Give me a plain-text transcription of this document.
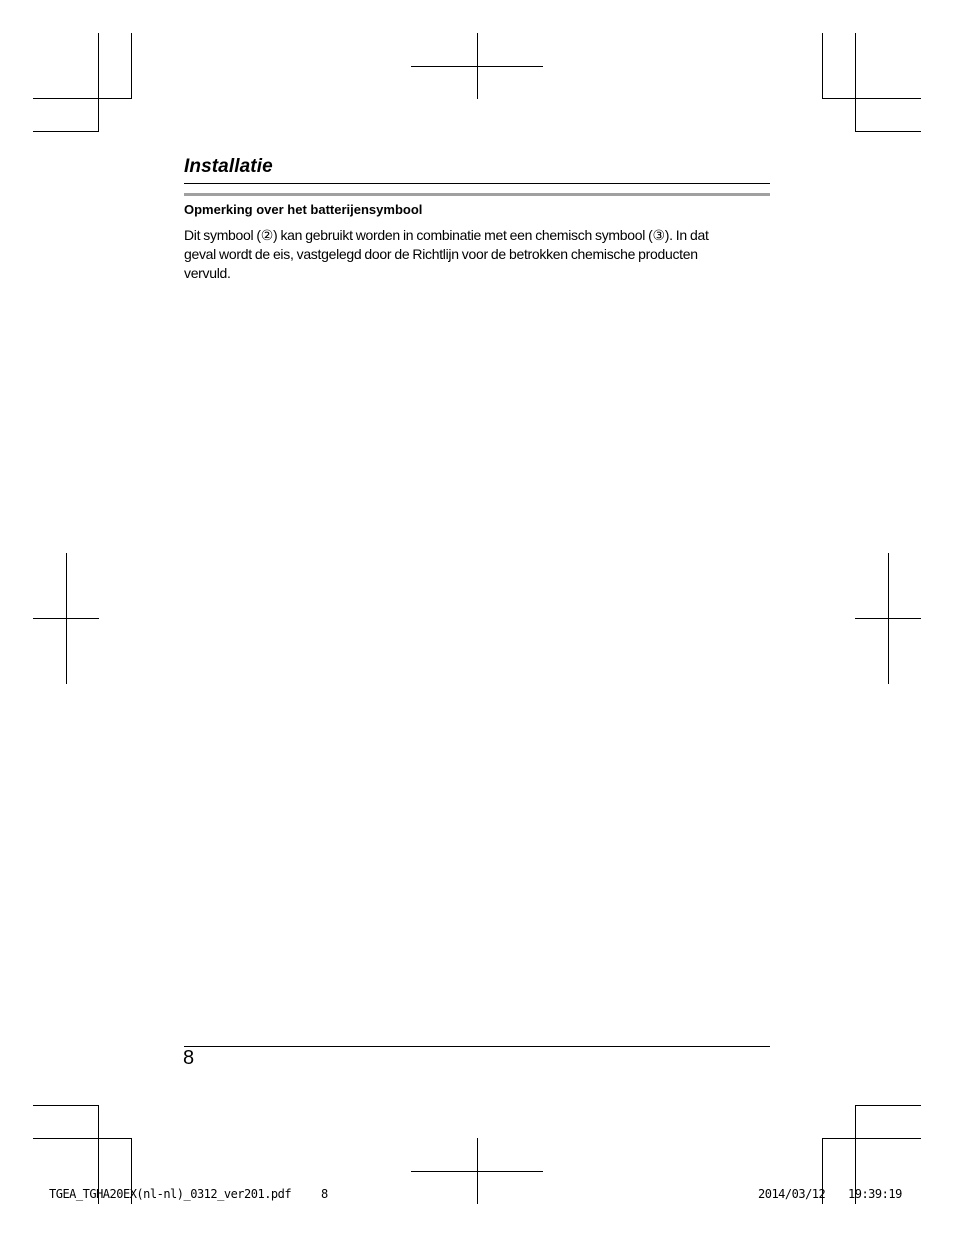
Installatie
Opmerking over het batterijensymbool
Dit symbool (②) kan gebruikt worden in combinatie met een chemisch symbool (③). In dat
geval wordt de eis, vastgelegd door de Richtlijn voor de betrokken chemische producten
vervuld.
8
TGEA_TGHA20EX(nl-nl)_0312_ver201.pdf 8	2014/03/12 19:39:19
